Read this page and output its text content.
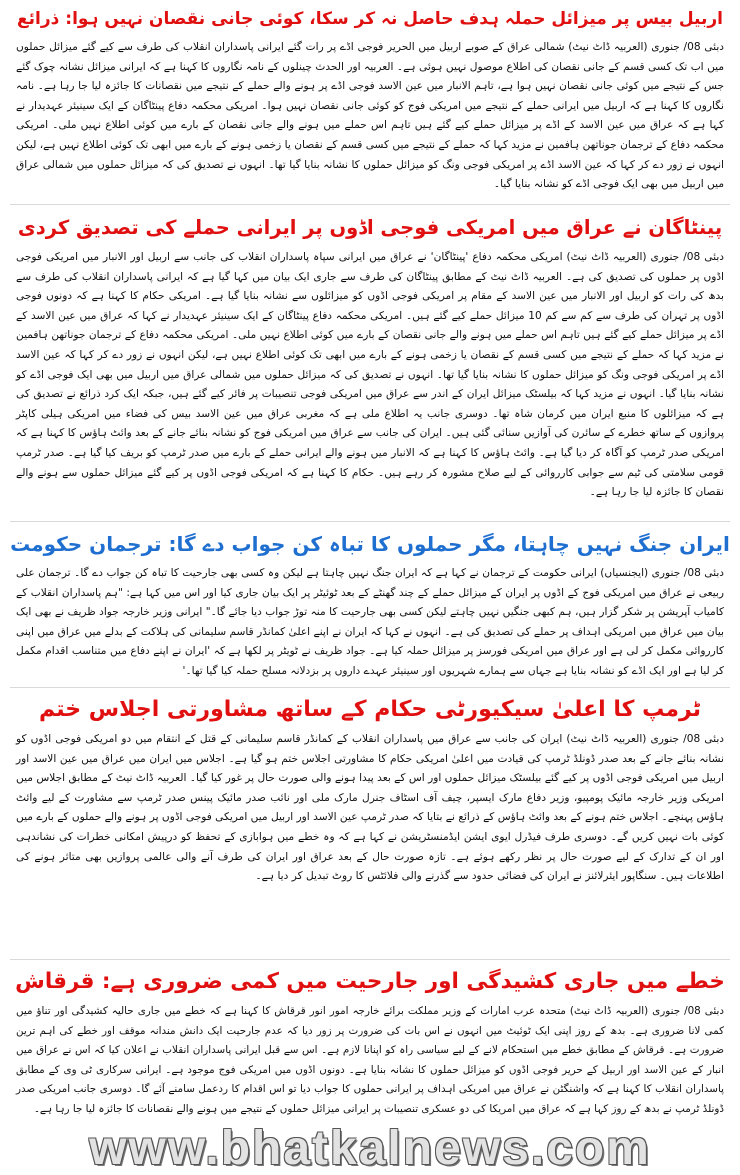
اربیل بیس پر میزائل حملہ ہدف حاصل نہ کر سکا، کوئی جانی نقصان نہیں ہوا: ذرائع

دبئی 08/ جنوری (العربیہ ڈاٹ نیٹ) شمالی عراق کے صوبے اربیل میں الحریر فوجی اڈے پر رات گئے ایرانی پاسداران انقلاب کی طرف سے کیے گئے میزائل حملوں میں اب تک کسی قسم کے جانی نقصان کی اطلاع موصول نہیں ہوئی ہے۔ العربیہ اور الحدث چینلوں کے نامہ نگاروں کا کہنا ہے کہ ایرانی میزائل نشانہ چوک گئے جس کے نتیجے میں کوئی جانی نقصان نہیں ہوا ہے، تاہم الانبار میں عین الاسد فوجی اڈے پر ہونے والے حملے کے نتیجے میں نقصانات کا جائزہ لیا جا رہا ہے۔ نامہ نگاروں کا کہنا ہے کہ اربیل میں ایرانی حملے کے نتیجے میں امریکی فوج کو کوئی جانی نقصان نہیں ہوا۔ امریکی محکمہ دفاع پینٹاگان کے ایک سینیئر عہدیدار نے کہا ہے کہ عراق میں عین الاسد کے اڈے پر میزائل حملے کیے گئے ہیں تاہم اس حملے میں ہونے والے جانی نقصان کے بارے میں کوئی اطلاع نہیں ملی۔ امریکی محکمہ دفاع کے ترجمان جوناتھن ہافمین نے مزید کہا کہ حملے کے نتیجے میں کسی قسم کے نقصان یا زخمی ہونے کے بارے میں ابھی تک کوئی اطلاع نہیں ہے، لیکن انہوں نے زور دے کر کہا کہ عین الاسد اڈے پر امریکی فوجی ونگ کو میزائل حملوں کا نشانہ بنایا گیا تھا۔ انہوں نے تصدیق کی کہ میزائل حملوں میں شمالی عراق میں اربیل میں بھی ایک فوجی اڈے کو نشانہ بنایا گیا۔

پینٹاگان نے عراق میں امریکی فوجی اڈوں پر ایرانی حملے کی تصدیق کردی

دبئی 08/ جنوری (العربیہ ڈاٹ نیٹ) امریکی محکمہ دفاع 'پینٹاگان' نے عراق میں ایرانی سپاہ پاسداران انقلاب کی جانب سے اربیل اور الانبار میں امریکی فوجی اڈوں پر حملوں کی تصدیق کی ہے۔ العربیہ ڈاٹ نیٹ کے مطابق پینٹاگان کی طرف سے جاری ایک بیان میں کہا گیا ہے کہ ایرانی پاسداران انقلاب کی طرف سے بدھ کی رات کو اربیل اور الانبار میں عین الاسد کے مقام پر امریکی فوجی اڈوں کو میزائلوں سے نشانہ بنایا گیا ہے۔ امریکی حکام کا کہنا ہے کہ دونوں فوجی اڈوں پر تہران کی طرف سے کم سے کم 10 میزائل حملے کیے گئے ہیں۔ امریکی محکمہ دفاع پینٹاگان کے ایک سینیئر عہدیدار نے کہا کہ عراق میں عین الاسد کے اڈے پر میزائل حملے کیے گئے ہیں تاہم اس حملے میں ہونے والے جانی نقصان کے بارے میں کوئی اطلاع نہیں ملی۔ امریکی محکمہ دفاع کے ترجمان جوناتھن ہافمین نے مزید کہا کہ حملے کے نتیجے میں کسی قسم کے نقصان یا زخمی ہونے کے بارے میں ابھی تک کوئی اطلاع نہیں ہے، لیکن انہوں نے زور دے کر کہا کہ عین الاسد اڈے پر امریکی فوجی ونگ کو میزائل حملوں کا نشانہ بنایا گیا تھا۔ انہوں نے تصدیق کی کہ میزائل حملوں میں شمالی عراق میں اربیل میں بھی ایک فوجی اڈے کو نشانہ بنایا گیا۔ انہوں نے مزید کہا کہ بیلسٹک میزائل ایران کے اندر سے عراق میں امریکی فوجی تنصیبات پر فائر کیے گئے ہیں، جبکہ ایک کرد ذرائع نے تصدیق کی ہے کہ میزائلوں کا منبع ایران میں کرمان شاہ تھا۔ دوسری جانب یہ اطلاع ملی ہے کہ مغربی عراق میں عین الاسد بیس کی فضاء میں امریکی ہیلی کاپٹر پروازوں کے ساتھ خطرے کے سائرن کی آوازیں سنائی گئی ہیں۔ ایران کی جانب سے عراق میں امریکی فوج کو نشانہ بنائے جانے کے بعد وائٹ ہاؤس کا کہنا ہے کہ امریکی صدر ٹرمپ کو آگاہ کر دیا گیا ہے۔ وائٹ ہاؤس کا کہنا ہے کہ الانبار میں ہونے والے ایرانی حملے کے بارے میں صدر ٹرمپ کو بریف کیا گیا ہے۔ صدر ٹرمپ قومی سلامتی کی ٹیم سے جوابی کارروائی کے لیے صلاح مشورہ کر رہے ہیں۔ حکام کا کہنا ہے کہ امریکی فوجی اڈوں پر کیے گئے میزائل حملوں سے ہونے والے نقصان کا جائزہ لیا جا رہا ہے۔

ایران جنگ نہیں چاہتا، مگر حملوں کا تباہ کن جواب دے گا: ترجمان حکومت

دبئی 08/ جنوری (ایجنسیاں) ایرانی حکومت کے ترجمان نے کہا ہے کہ ایران جنگ نہیں چاہتا ہے لیکن وہ کسی بھی جارحیت کا تباہ کن جواب دے گا۔ ترجمان علی ربیعی نے عراق میں امریکی فوج کے اڈوں پر ایران کے میزائل حملے کے چند گھنٹے کے بعد ٹوئیٹر پر ایک بیان جاری کیا اور اس میں کہا ہے: "ہم پاسداران انقلاب کے کامیاب آپریشن پر شکر گزار ہیں، ہم کبھی جنگیں نہیں چاہتے لیکن کسی بھی جارحیت کا منہ توڑ جواب دیا جائے گا۔" ایرانی وزیر خارجہ جواد ظریف نے بھی ایک بیان میں عراق میں امریکی اہداف پر حملے کی تصدیق کی ہے۔ انہوں نے کہا کہ ایران نے اپنے اعلیٰ کمانڈر قاسم سلیمانی کی ہلاکت کے بدلے میں عراق میں اپنی کارروائی مکمل کر لی ہے اور عراق میں امریکی فورسز پر میزائل حملہ کیا ہے۔ جواد ظریف نے ٹویٹر پر لکھا ہے کہ 'ایران نے اپنے دفاع میں متناسب اقدام مکمل کر لیا ہے اور ایک اڈے کو نشانہ بنایا ہے جہاں سے ہمارے شہریوں اور سینیئر عہدے داروں پر بزدلانہ مسلح حملہ کیا گیا تھا۔'

ٹرمپ کا اعلیٰ سیکیورٹی حکام کے ساتھ مشاورتی اجلاس ختم

دبئی 08/ جنوری (العربیہ ڈاٹ نیٹ) ایران کی جانب سے عراق میں پاسداران انقلاب کے کمانڈر قاسم سلیمانی کے قتل کے انتقام میں دو امریکی فوجی اڈوں کو نشانہ بنائے جانے کے بعد صدر ڈونلڈ ٹرمپ کی قیادت میں اعلیٰ امریکی حکام کا مشاورتی اجلاس ختم ہو گیا ہے۔ اجلاس میں ایران میں عراق میں عین الاسد اور اربیل میں امریکی فوجی اڈوں پر کیے گئے بیلسٹک میزائل حملوں اور اس کے بعد پیدا ہونے والی صورت حال پر غور کیا گیا۔ العربیہ ڈاٹ نیٹ کے مطابق اجلاس میں امریکی وزیر خارجہ مائیک پومپیو، وزیر دفاع مارک ایسپر، چیف آف اسٹاف جنرل مارک ملی اور نائب صدر مائیک پینس صدر ٹرمپ سے مشاورت کے لیے وائٹ ہاؤس پہنچے۔ اجلاس ختم ہونے کے بعد وائٹ ہاؤس کے ذرائع نے بتایا کہ صدر ٹرمپ عین الاسد اور اربیل میں امریکی فوجی اڈوں پر ہونے والے حملوں کے بارے میں کوئی بات نہیں کریں گے۔ دوسری طرف فیڈرل ایوی ایشن ایڈمنسٹریشن نے کہا ہے کہ وہ خطے میں ہوابازی کے تحفظ کو درپیش امکانی خطرات کی نشاندہی اور ان کے تدارک کے لیے صورت حال پر نظر رکھے ہوئے ہے۔ تازہ صورت حال کے بعد عراق اور ایران کی طرف آنے والی عالمی پروازیں بھی متاثر ہونے کی اطلاعات ہیں۔ سنگاپور ایئرلائنز نے ایران کی فضائی حدود سے گذرنے والی فلائٹس کا روٹ تبدیل کر دیا ہے۔

خطے میں جاری کشیدگی اور جارحیت میں کمی ضروری ہے: قرقاش

دبئی 08/ جنوری (العربیہ ڈاٹ نیٹ) متحدہ عرب امارات کے وزیر مملکت برائے خارجہ امور انور قرقاش کا کہنا ہے کہ خطے میں جاری حالیہ کشیدگی اور تناؤ میں کمی لانا ضروری ہے۔ بدھ کے روز اپنی ایک ٹوئیٹ میں انہوں نے اس بات کی ضرورت پر زور دیا کہ عدم جارحیت ایک دانش مندانہ موقف اور خطے کی اہم ترین ضرورت ہے۔ قرقاش کے مطابق خطے میں استحکام لانے کے لیے سیاسی راہ کو اپنانا لازم ہے۔ اس سے قبل ایرانی پاسداران انقلاب نے اعلان کیا کہ اس نے عراق میں انبار کے عین الاسد اور اربیل کے حریر فوجی اڈوں کو میزائل حملوں کا نشانہ بنایا ہے۔ دونوں اڈوں میں امریکی فوج موجود ہے۔ ایرانی سرکاری ٹی وی کے مطابق پاسداران انقلاب کا کہنا ہے کہ واشنگٹن نے عراق میں امریکی اہداف پر ایرانی حملوں کا جواب دیا تو اس اقدام کا ردعمل سامنے آئے گا۔ دوسری جانب امریکی صدر ڈونلڈ ٹرمپ نے بدھ کے روز کہا ہے کہ عراق میں امریکا کی دو عسکری تنصیبات پر ایرانی میزائل حملوں کے نتیجے میں ہونے والے نقصانات کا جائزہ لیا جا رہا ہے۔

www.bhatkalnews.com
